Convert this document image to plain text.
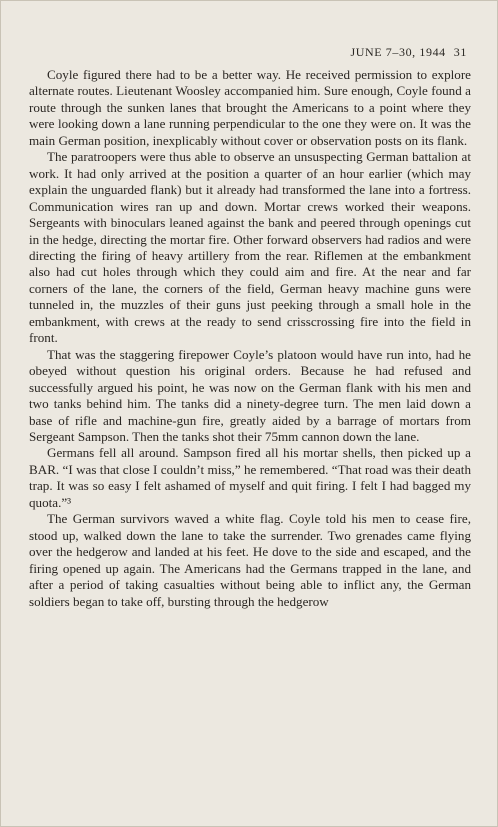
JUNE 7–30, 1944 31

Coyle figured there had to be a better way. He received permission to explore alternate routes. Lieutenant Woosley accompanied him. Sure enough, Coyle found a route through the sunken lanes that brought the Americans to a point where they were looking down a lane running perpendicular to the one they were on. It was the main German position, inexplicably without cover or observation posts on its flank.

The paratroopers were thus able to observe an unsuspecting German battalion at work. It had only arrived at the position a quarter of an hour earlier (which may explain the unguarded flank) but it already had transformed the lane into a fortress. Communication wires ran up and down. Mortar crews worked their weapons. Sergeants with binoculars leaned against the bank and peered through openings cut in the hedge, directing the mortar fire. Other forward observers had radios and were directing the firing of heavy artillery from the rear. Riflemen at the embankment also had cut holes through which they could aim and fire. At the near and far corners of the lane, the corners of the field, German heavy machine guns were tunneled in, the muzzles of their guns just peeking through a small hole in the embankment, with crews at the ready to send crisscrossing fire into the field in front.

That was the staggering firepower Coyle’s platoon would have run into, had he obeyed without question his original orders. Because he had refused and successfully argued his point, he was now on the German flank with his men and two tanks behind him. The tanks did a ninety-degree turn. The men laid down a base of rifle and machine-gun fire, greatly aided by a barrage of mortars from Sergeant Sampson. Then the tanks shot their 75mm cannon down the lane.

Germans fell all around. Sampson fired all his mortar shells, then picked up a BAR. “I was that close I couldn’t miss,” he remembered. “That road was their death trap. It was so easy I felt ashamed of myself and quit firing. I felt I had bagged my quota.”³

The German survivors waved a white flag. Coyle told his men to cease fire, stood up, walked down the lane to take the surrender. Two grenades came flying over the hedgerow and landed at his feet. He dove to the side and escaped, and the firing opened up again. The Americans had the Germans trapped in the lane, and after a period of taking casualties without being able to inflict any, the German soldiers began to take off, bursting through the hedgerow
